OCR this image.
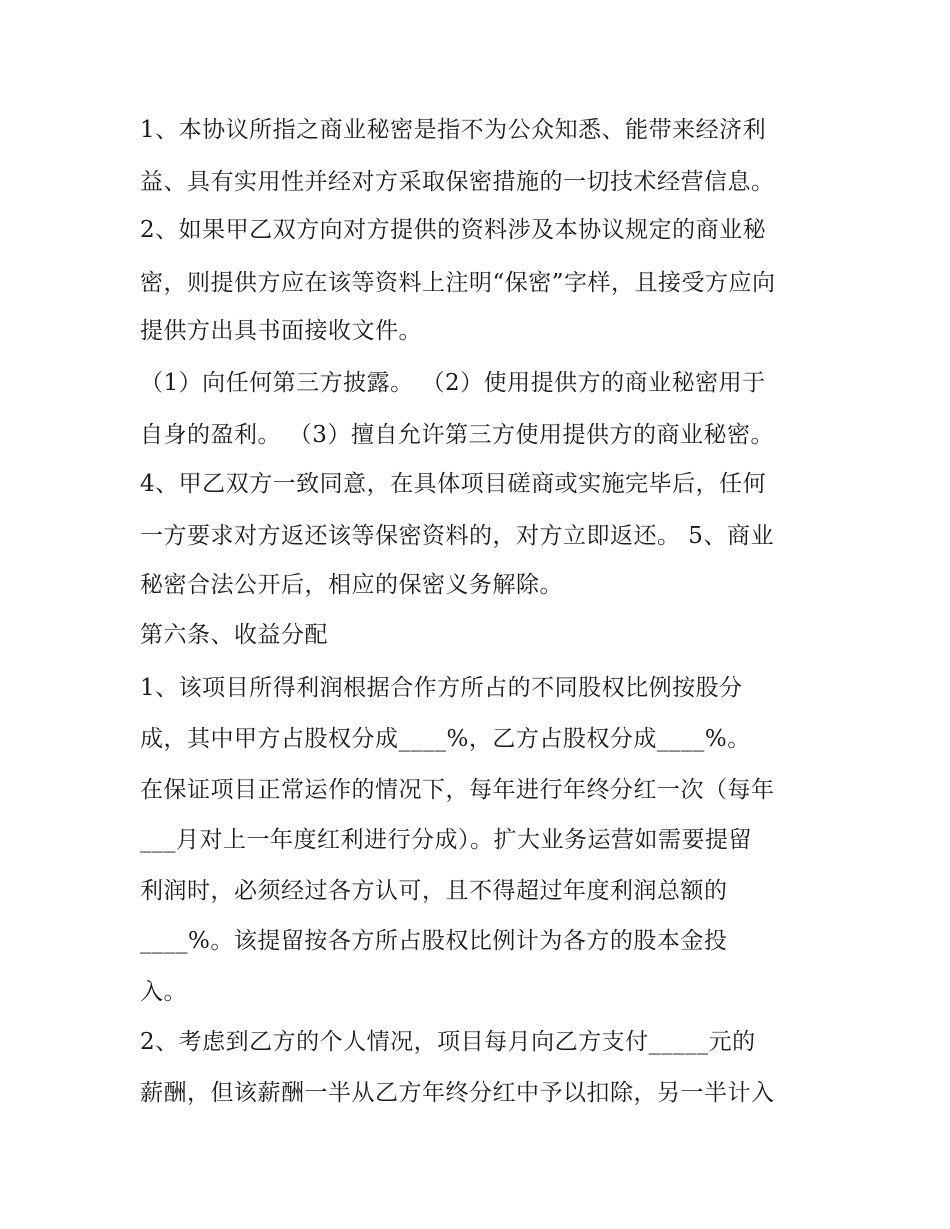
1、本协议所指之商业秘密是指不为公众知悉、能带来经济利
益、具有实用性并经对方采取保密措施的一切技术经营信息。
2、如果甲乙双方向对方提供的资料涉及本协议规定的商业秘
密，则提供方应在该等资料上注明“保密”字样，且接受方应向
提供方出具书面接收文件。
（1）向任何第三方披露。 （2）使用提供方的商业秘密用于
自身的盈利。 （3）擅自允许第三方使用提供方的商业秘密。
4、甲乙双方一致同意，在具体项目磋商或实施完毕后，任何
一方要求对方返还该等保密资料的，对方立即返还。 5、商业
秘密合法公开后，相应的保密义务解除。
第六条、收益分配
1、该项目所得利润根据合作方所占的不同股权比例按股分
成，其中甲方占股权分成____%，乙方占股权分成____%。
在保证项目正常运作的情况下，每年进行年终分红一次（每年
___月对上一年度红利进行分成）。扩大业务运营如需要提留
利润时，必须经过各方认可，且不得超过年度利润总额的
____%。该提留按各方所占股权比例计为各方的股本金投
入。
2、考虑到乙方的个人情况，项目每月向乙方支付_____元的
薪酬，但该薪酬一半从乙方年终分红中予以扣除，另一半计入
